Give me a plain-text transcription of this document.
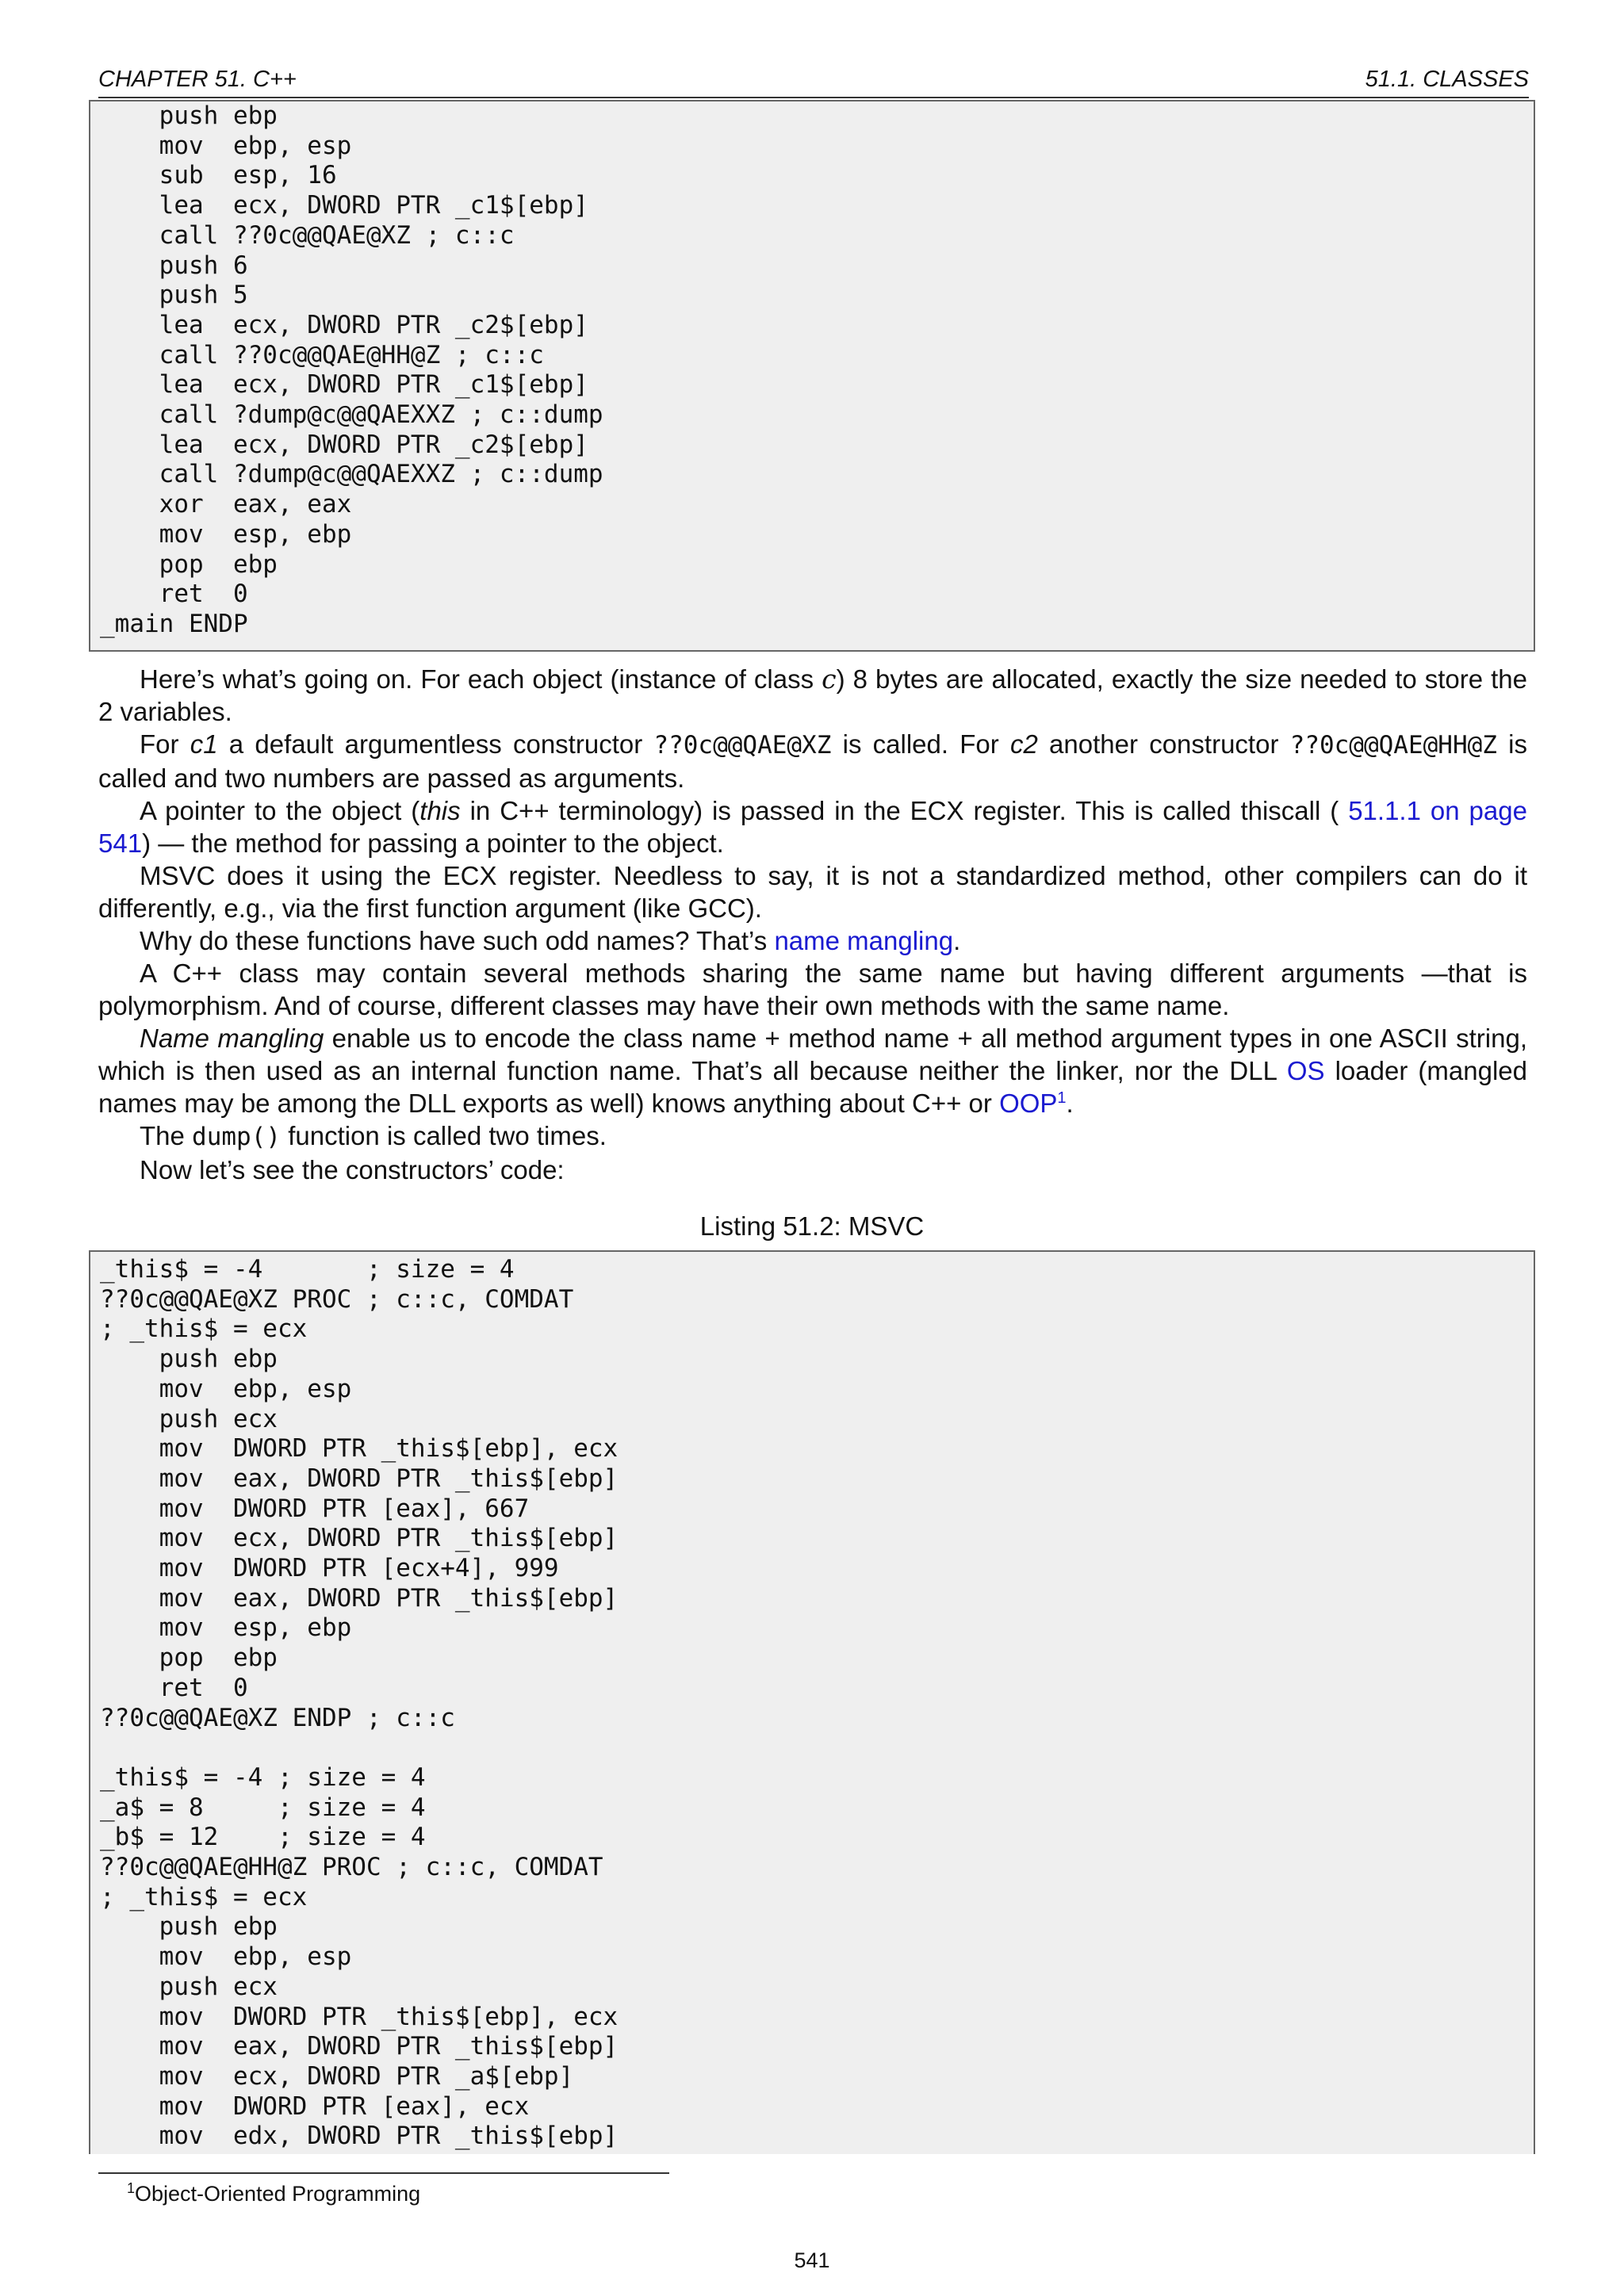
CHAPTER 51. C++	51.1. CLASSES
push ebp
mov  ebp, esp
sub  esp, 16
lea  ecx, DWORD PTR _c1$[ebp]
call ??0c@@QAE@XZ ; c::c
push 6
push 5
lea  ecx, DWORD PTR _c2$[ebp]
call ??0c@@QAE@HH@Z ; c::c
lea  ecx, DWORD PTR _c1$[ebp]
call ?dump@c@@QAEXXZ ; c::dump
lea  ecx, DWORD PTR _c2$[ebp]
call ?dump@c@@QAEXXZ ; c::dump
xor  eax, eax
mov  esp, ebp
pop  ebp
ret  0
_main ENDP

Here’s what’s going on. For each object (instance of class c) 8 bytes are allocated, exactly the size needed to store the 2 variables.

For c1 a default argumentless constructor ??0c@@QAE@XZ is called. For c2 another constructor ??0c@@QAE@HH@Z is called and two numbers are passed as arguments.

A pointer to the object (this in C++ terminology) is passed in the ECX register. This is called thiscall ( 51.1.1 on page 541) — the method for passing a pointer to the object.

MSVC does it using the ECX register. Needless to say, it is not a standardized method, other compilers can do it differently, e.g., via the first function argument (like GCC).

Why do these functions have such odd names? That’s name mangling.

A C++ class may contain several methods sharing the same name but having different arguments —that is polymorphism. And of course, different classes may have their own methods with the same name.

Name mangling enable us to encode the class name + method name + all method argument types in one ASCII string, which is then used as an internal function name. That’s all because neither the linker, nor the DLL OS loader (mangled names may be among the DLL exports as well) knows anything about C++ or OOP$^1$.

The dump() function is called two times.

Now let’s see the constructors’ code:

Listing 51.2: MSVC
_this$ = -4       ; size = 4
??0c@@QAE@XZ PROC ; c::c, COMDAT
; _this$ = ecx
push ebp
mov  ebp, esp
push ecx
mov  DWORD PTR _this$[ebp], ecx
mov  eax, DWORD PTR _this$[ebp]
mov  DWORD PTR [eax], 667
mov  ecx, DWORD PTR _this$[ebp]
mov  DWORD PTR [ecx+4], 999
mov  eax, DWORD PTR _this$[ebp]
mov  esp, ebp
pop  ebp
ret  0
??0c@@QAE@XZ ENDP ; c::c

_this$ = -4 ; size = 4
_a$ = 8     ; size = 4
_b$ = 12    ; size = 4
??0c@@QAE@HH@Z PROC ; c::c, COMDAT
; _this$ = ecx
push ebp
mov  ebp, esp
push ecx
mov  DWORD PTR _this$[ebp], ecx
mov  eax, DWORD PTR _this$[ebp]
mov  ecx, DWORD PTR _a$[ebp]
mov  DWORD PTR [eax], ecx
mov  edx, DWORD PTR _this$[ebp]
$^1$Object-Oriented Programming
541
